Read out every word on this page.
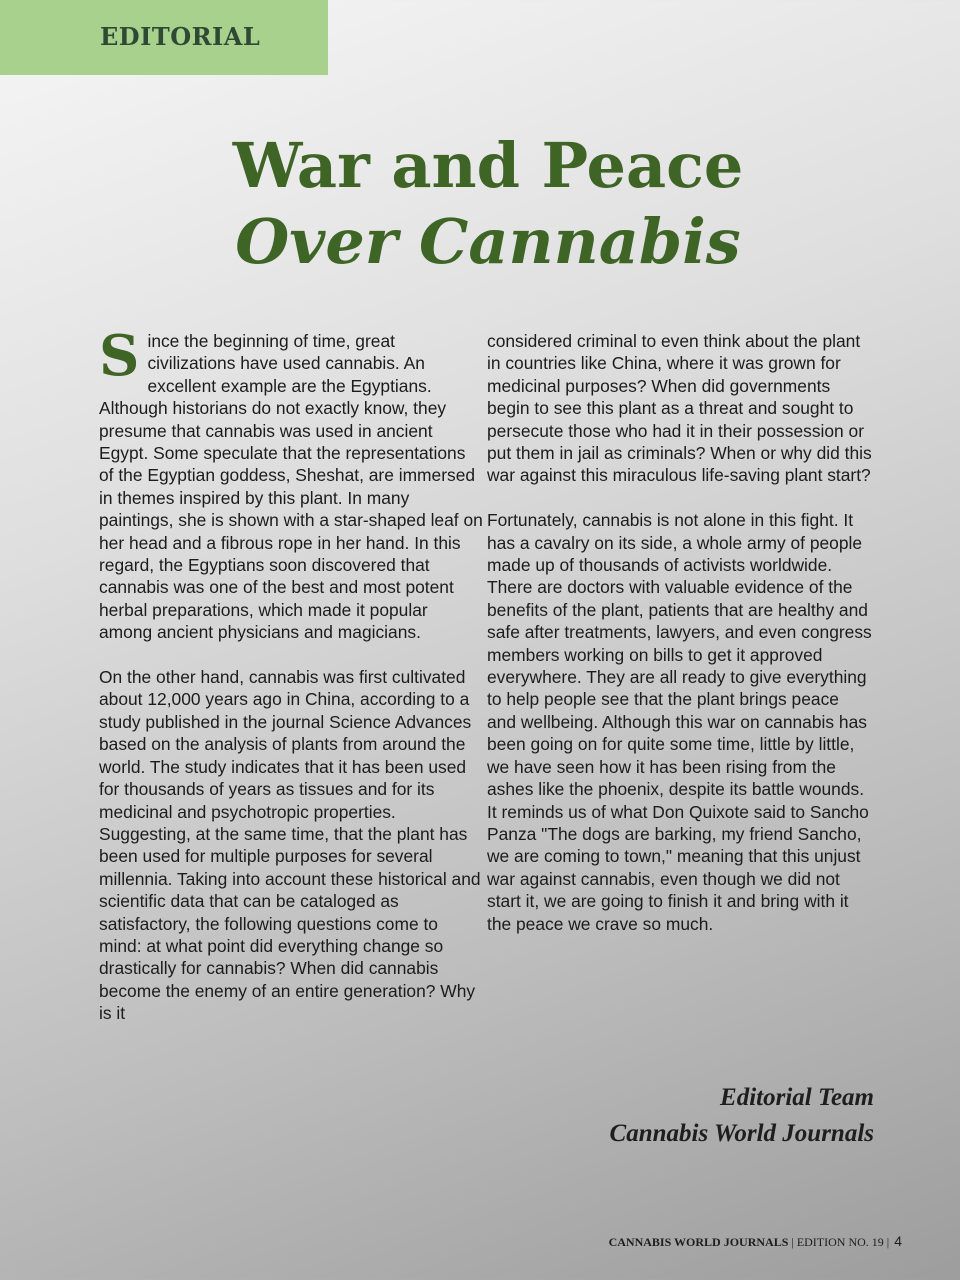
EDITORIAL
War and Peace
Over Cannabis

Since the beginning of time, great civilizations have used cannabis. An excellent example are the Egyptians. Although historians do not exactly know, they presume that cannabis was used in ancient Egypt. Some speculate that the representations of the Egyptian goddess, Sheshat, are immersed in themes inspired by this plant. In many paintings, she is shown with a star-shaped leaf on her head and a fibrous rope in her hand. In this regard, the Egyptians soon discovered that cannabis was one of the best and most potent herbal preparations, which made it popular among ancient physicians and magicians.

On the other hand, cannabis was first cultivated about 12,000 years ago in China, according to a study published in the journal Science Advances based on the analysis of plants from around the world. The study indicates that it has been used for thousands of years as tissues and for its medicinal and psychotropic properties. Suggesting, at the same time, that the plant has been used for multiple purposes for several millennia. Taking into account these historical and scientific data that can be cataloged as satisfactory, the following questions come to mind: at what point did everything change so drastically for cannabis? When did cannabis become the enemy of an entire generation? Why is it

considered criminal to even think about the plant in countries like China, where it was grown for medicinal purposes? When did governments begin to see this plant as a threat and sought to persecute those who had it in their possession or put them in jail as criminals? When or why did this war against this miraculous life-saving plant start?

Fortunately, cannabis is not alone in this fight. It has a cavalry on its side, a whole army of people made up of thousands of activists worldwide. There are doctors with valuable evidence of the benefits of the plant, patients that are healthy and safe after treatments, lawyers, and even congress members working on bills to get it approved everywhere. They are all ready to give everything to help people see that the plant brings peace and wellbeing. Although this war on cannabis has been going on for quite some time, little by little, we have seen how it has been rising from the ashes like the phoenix, despite its battle wounds. It reminds us of what Don Quixote said to Sancho Panza "The dogs are barking, my friend Sancho, we are coming to town," meaning that this unjust war against cannabis, even though we did not start it, we are going to finish it and bring with it the peace we crave so much.

Editorial Team
Cannabis World Journals
CANNABIS WORLD JOURNALS | EDITION NO. 19 | 4
